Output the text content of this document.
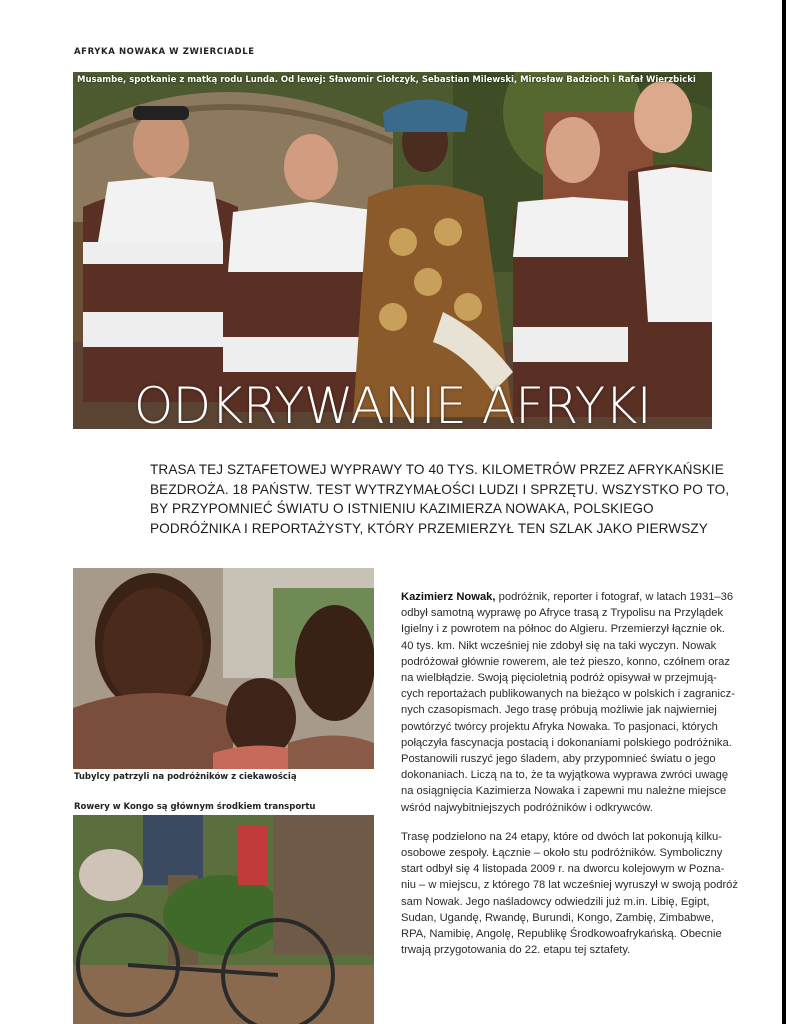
AFRYKA NOWAKA W ZWIERCIADLE
Musambe, spotkanie z matką rodu Lunda. Od lewej: Sławomir Ciołczyk, Sebastian Milewski, Mirosław Badzioch i Rafał Wierzbicki
ODKRYWANIE AFRYKI
TRASA TEJ SZTAFETOWEJ WYPRAWY TO 40 TYS. KILOMETRÓW PRZEZ AFRYKAŃSKIE
BEZDROŻA. 18 PAŃSTW. TEST WYTRZYMAŁOŚCI LUDZI I SPRZĘTU. WSZYSTKO PO TO,
BY PRZYPOMNIEĆ ŚWIATU O ISTNIENIU KAZIMIERZA NOWAKA, POLSKIEGO
PODRÓŻNIKA I REPORTAŻYSTY, KTÓRY PRZEMIERZYŁ TEN SZLAK JAKO PIERWSZY
Tubylcy patrzyli na podróżników z ciekawością
Rowery w Kongo są głównym środkiem transportu

Kazimierz Nowak, podróżnik, reporter i fotograf, w latach 1931–36
odbył samotną wyprawę po Afryce trasą z Trypolisu na Przylądek
Igielny i z powrotem na północ do Algieru. Przemierzył łącznie ok.
40 tys. km. Nikt wcześniej nie zdobył się na taki wyczyn. Nowak
podróżował głównie rowerem, ale też pieszo, konno, czółnem oraz
na wielbłądzie. Swoją pięcioletnią podróż opisywał w przejmują-
cych reportażach publikowanych na bieżąco w polskich i zagranicz-
nych czasopismach. Jego trasę próbują możliwie jak najwierniej
powtórzyć twórcy projektu Afryka Nowaka. To pasjonaci, których
połączyła fascynacja postacią i dokonaniami polskiego podróżnika.
Postanowili ruszyć jego śladem, aby przypomnieć światu o jego
dokonaniach. Liczą na to, że ta wyjątkowa wyprawa zwróci uwagę
na osiągnięcia Kazimierza Nowaka i zapewni mu należne miejsce
wśród najwybitniejszych podróżników i odkrywców.

Trasę podzielono na 24 etapy, które od dwóch lat pokonują kilku-
osobowe zespoły. Łącznie – około stu podróżników. Symboliczny
start odbył się 4 listopada 2009 r. na dworcu kolejowym w Pozna-
niu – w miejscu, z którego 78 lat wcześniej wyruszył w swoją podróż
sam Nowak. Jego naśladowcy odwiedzili już m.in. Libię, Egipt,
Sudan, Ugandę, Rwandę, Burundi, Kongo, Zambię, Zimbabwe,
RPA, Namibię, Angolę, Republikę Środkowoafrykańską. Obecnie
trwają przygotowania do 22. etapu tej sztafety.
